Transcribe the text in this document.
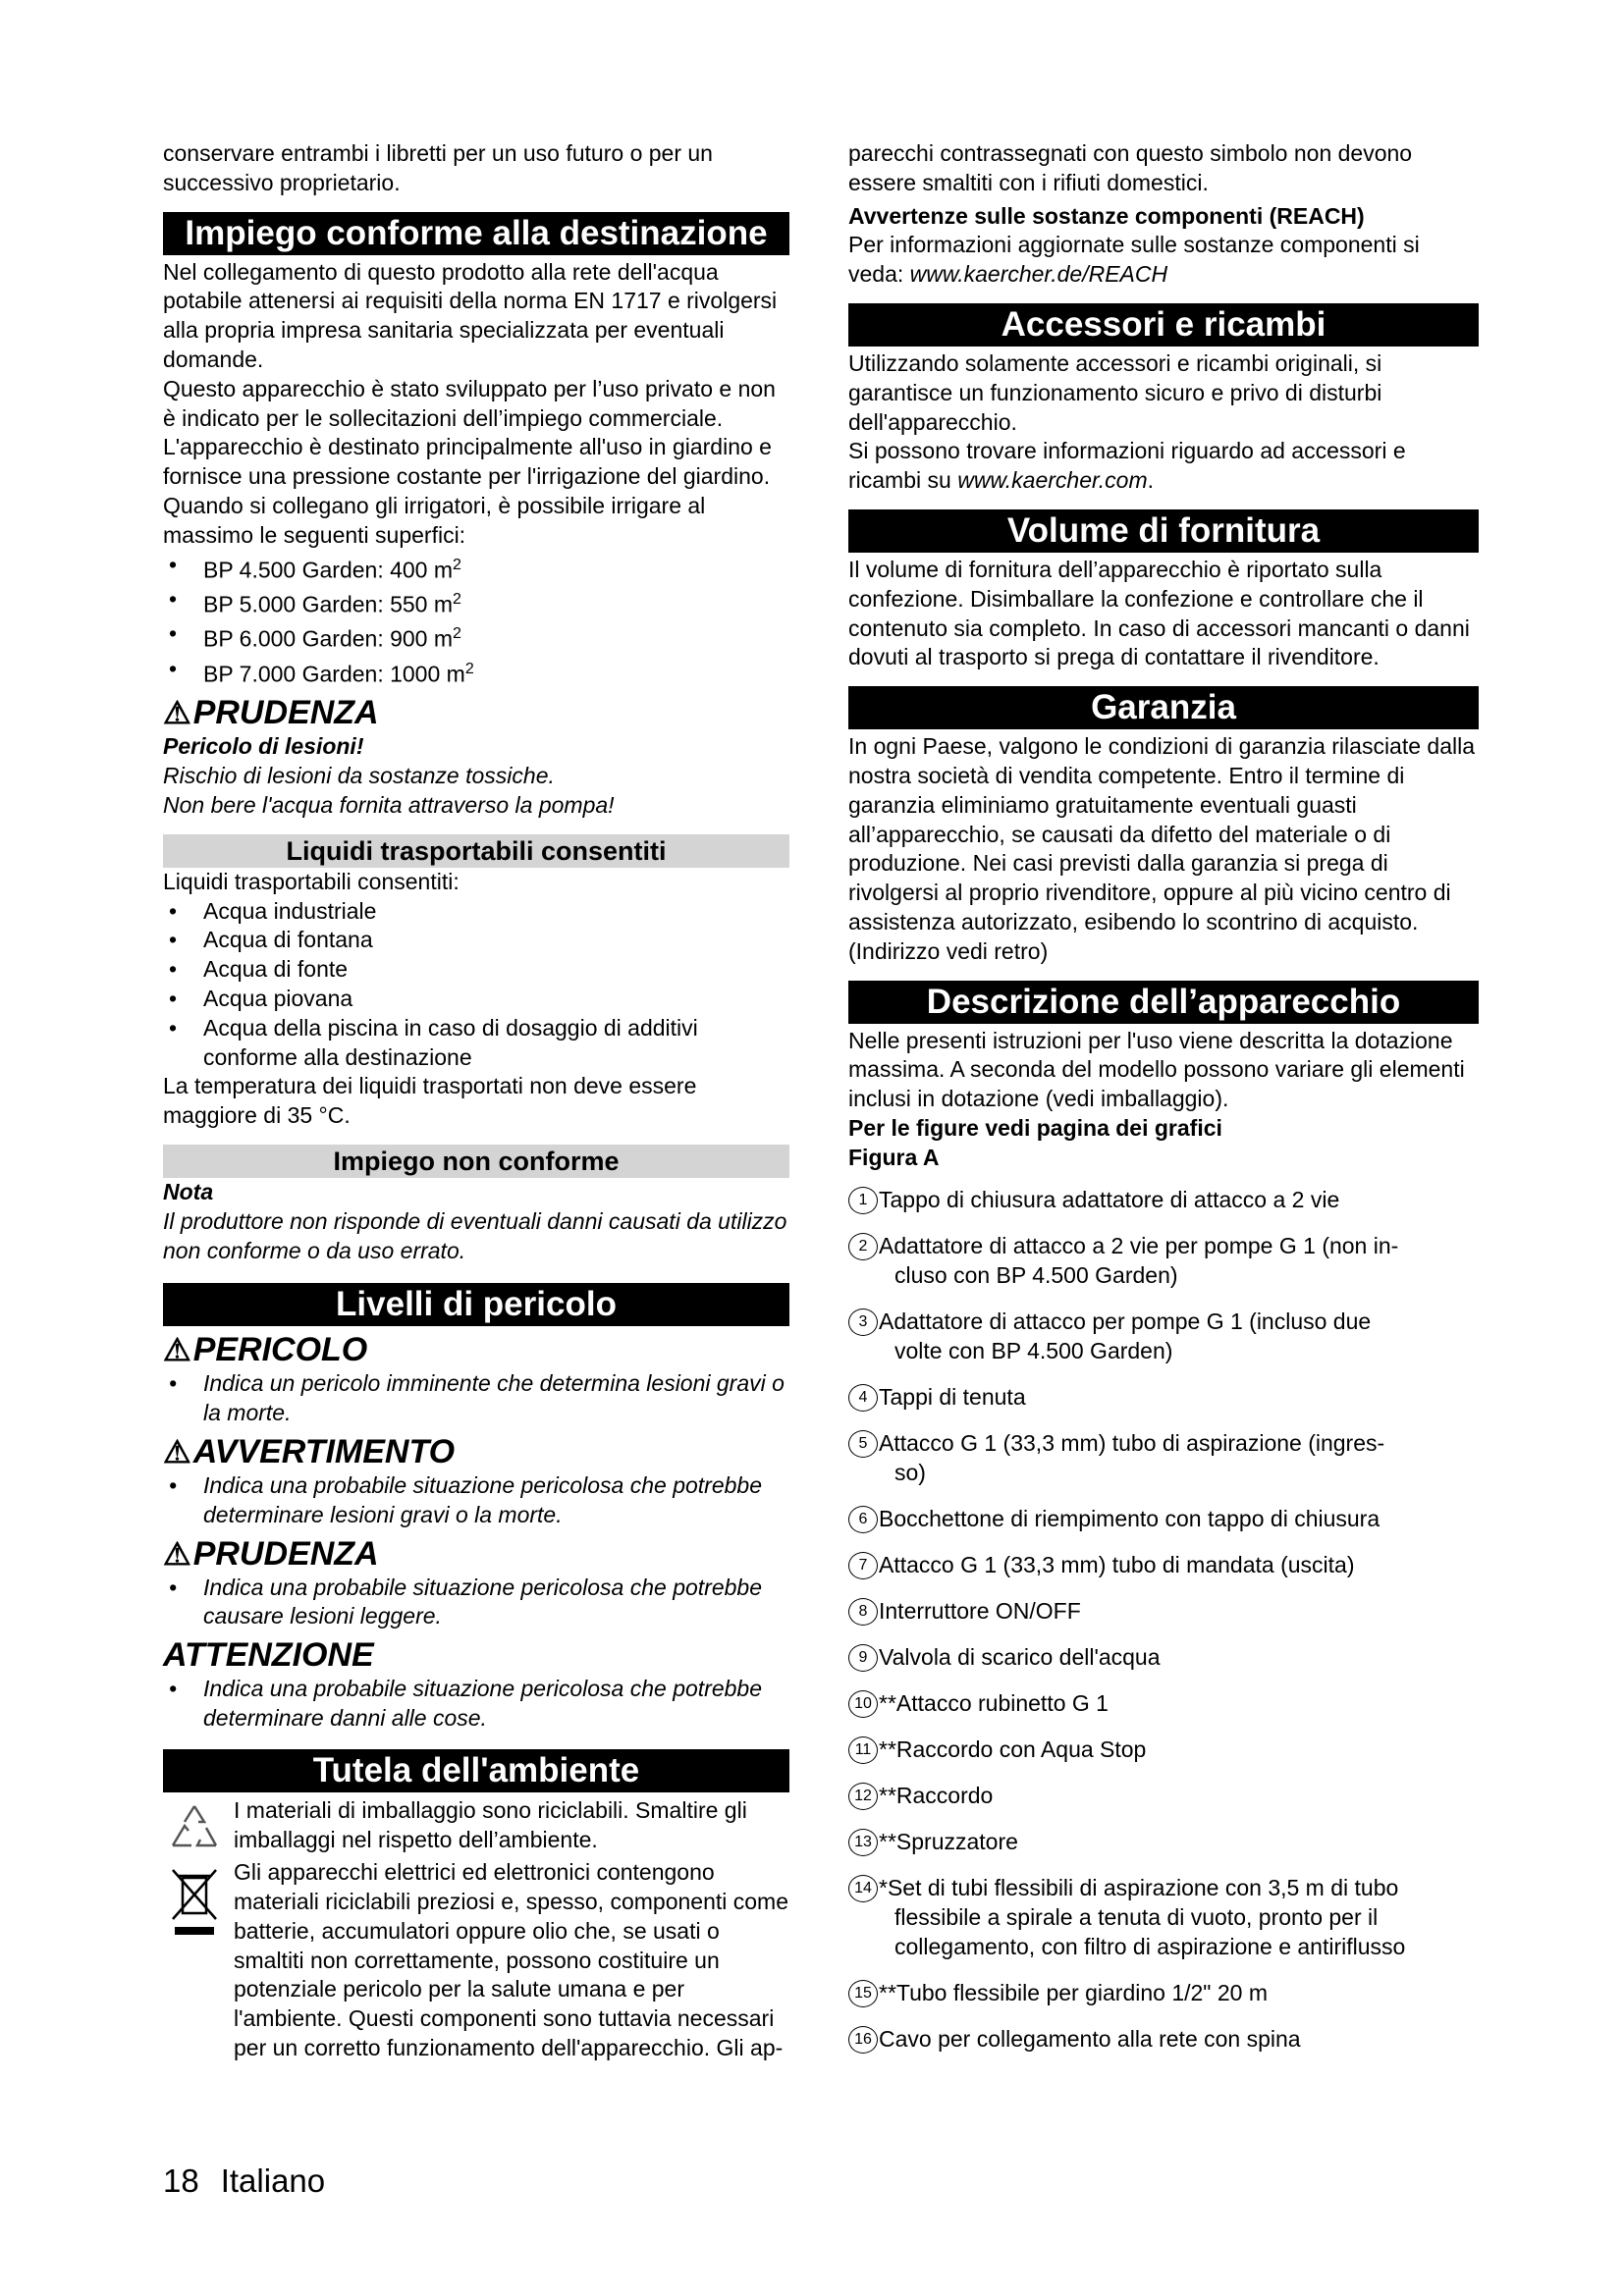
conservare entrambi i libretti per un uso futuro o per un successivo proprietario.

Impiego conforme alla destinazione

Nel collegamento di questo prodotto alla rete dell'acqua potabile attenersi ai requisiti della norma EN 1717 e rivolgersi alla propria impresa sanitaria specializzata per eventuali domande.

Questo apparecchio è stato sviluppato per l’uso privato e non è indicato per le sollecitazioni dell’impiego commerciale.

L'apparecchio è destinato principalmente all'uso in giardino e fornisce una pressione costante per l'irrigazione del giardino.

Quando si collegano gli irrigatori, è possibile irrigare al massimo le seguenti superfici:

• BP 4.500 Garden: 400 $m^2$
• BP 5.000 Garden: 550 $m^2$
• BP 6.000 Garden: 900 $m^2$
• BP 7.000 Garden: 1000 $m^2$
⚠PRUDENZA

Pericolo di lesioni!

Rischio di lesioni da sostanze tossiche.

Non bere l'acqua fornita attraverso la pompa!

Liquidi trasportabili consentiti

Liquidi trasportabili consentiti:

• Acqua industriale
• Acqua di fontana
• Acqua di fonte
• Acqua piovana
• Acqua della piscina in caso di dosaggio di additivi conforme alla destinazione

La temperatura dei liquidi trasportati non deve essere maggiore di 35 °C.

Impiego non conforme

Nota

Il produttore non risponde di eventuali danni causati da utilizzo non conforme o da uso errato.

Livelli di pericolo
⚠PERICOLO
• Indica un pericolo imminente che determina lesioni gravi o la morte.
⚠AVVERTIMENTO
• Indica una probabile situazione pericolosa che potrebbe determinare lesioni gravi o la morte.
⚠PRUDENZA
• Indica una probabile situazione pericolosa che potrebbe causare lesioni leggere.
ATTENZIONE
• Indica una probabile situazione pericolosa che potrebbe determinare danni alle cose.
Tutela dell'ambiente

I materiali di imballaggio sono riciclabili. Smaltire gli imballaggi nel rispetto dell’ambiente.

Gli apparecchi elettrici ed elettronici contengono materiali riciclabili preziosi e, spesso, componenti come batterie, accumulatori oppure olio che, se usati o smaltiti non correttamente, possono costituire un potenziale pericolo per la salute umana e per l'ambiente. Questi componenti sono tuttavia necessari per un corretto funzionamento dell'apparecchio. Gli ap-

parecchi contrassegnati con questo simbolo non devono essere smaltiti con i rifiuti domestici.

Avvertenze sulle sostanze componenti (REACH)

Per informazioni aggiornate sulle sostanze componenti si veda: www.kaercher.de/REACH

Accessori e ricambi

Utilizzando solamente accessori e ricambi originali, si garantisce un funzionamento sicuro e privo di disturbi dell'apparecchio.

Si possono trovare informazioni riguardo ad accessori e ricambi su www.kaercher.com.

Volume di fornitura

Il volume di fornitura dell’apparecchio è riportato sulla confezione. Disimballare la confezione e controllare che il contenuto sia completo. In caso di accessori mancanti o danni dovuti al trasporto si prega di contattare il rivenditore.

Garanzia

In ogni Paese, valgono le condizioni di garanzia rilasciate dalla nostra società di vendita competente. Entro il termine di garanzia eliminiamo gratuitamente eventuali guasti all’apparecchio, se causati da difetto del materiale o di produzione. Nei casi previsti dalla garanzia si prega di rivolgersi al proprio rivenditore, oppure al più vicino centro di assistenza autorizzato, esibendo lo scontrino di acquisto.

(Indirizzo vedi retro)

Descrizione dell’apparecchio

Nelle presenti istruzioni per l'uso viene descritta la dotazione massima. A seconda del modello possono variare gli elementi inclusi in dotazione (vedi imballaggio).

Per le figure vedi pagina dei grafici

Figura A

1 Tappo di chiusura adattatore di attacco a 2 vie
2 Adattatore di attacco a 2 vie per pompe G 1 (non in-
cluso con BP 4.500 Garden)
3 Adattatore di attacco per pompe G 1 (incluso due
volte con BP 4.500 Garden)
4 Tappi di tenuta
5 Attacco G 1 (33,3 mm) tubo di aspirazione (ingres-
so)
6 Bocchettone di riempimento con tappo di chiusura
7 Attacco G 1 (33,3 mm) tubo di mandata (uscita)
8 Interruttore ON/OFF
9 Valvola di scarico dell'acqua
10 **Attacco rubinetto G 1
11 **Raccordo con Aqua Stop
12 **Raccordo
13 **Spruzzatore
14 *Set di tubi flessibili di aspirazione con 3,5 m di tubo
flessibile a spirale a tenuta di vuoto, pronto per il collegamento, con filtro di aspirazione e antiriflusso
15 **Tubo flessibile per giardino 1/2" 20 m
16 Cavo per collegamento alla rete con spina
18 Italiano
